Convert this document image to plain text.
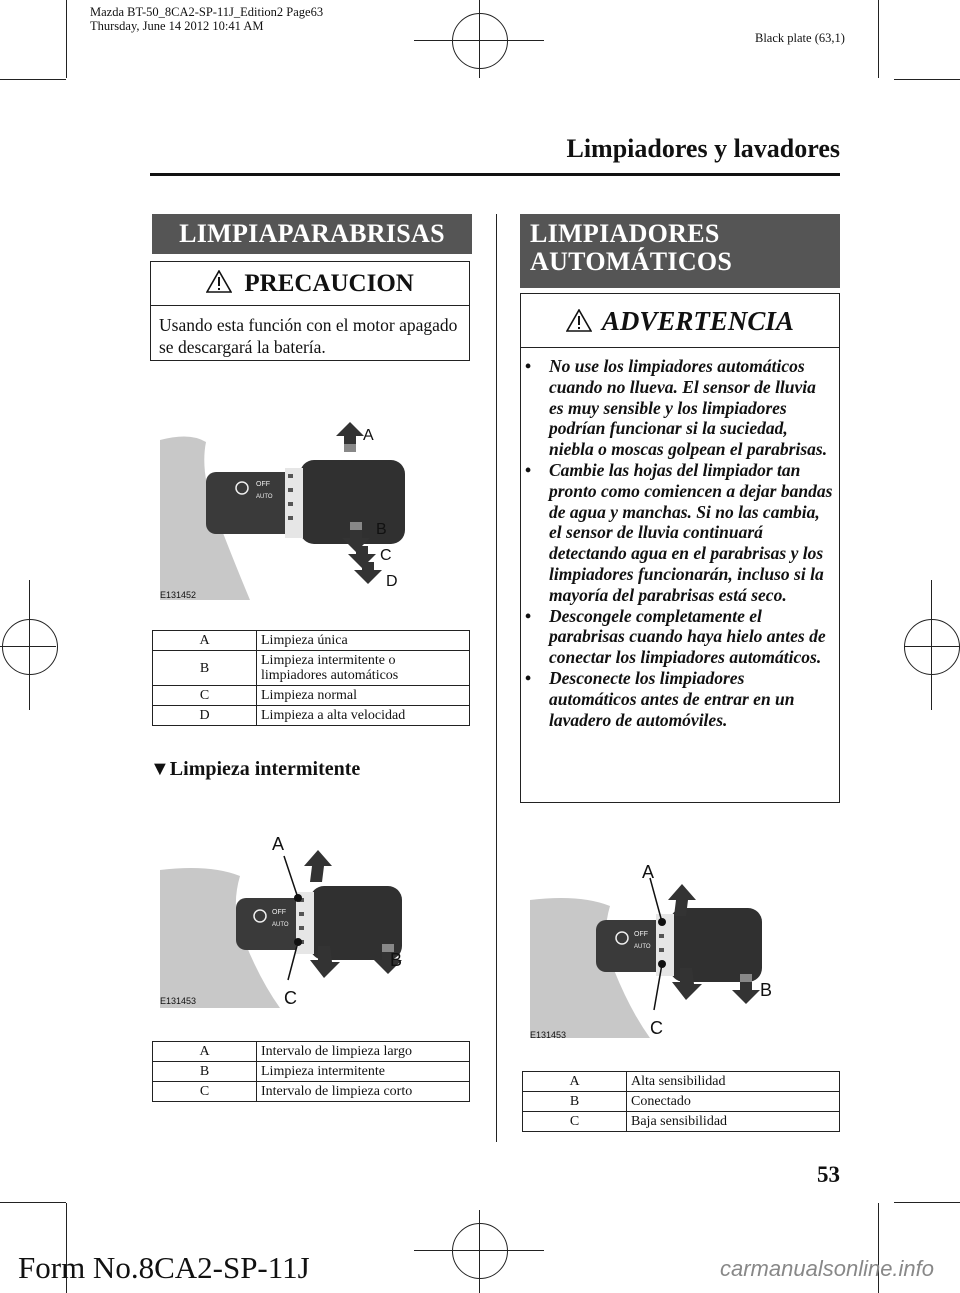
Mazda BT-50_8CA2-SP-11J_Edition2 Page63
Thursday, June 14 2012 10:41 AM
Black plate (63,1)
Limpiadores y lavadores
LIMPIAPARABRISAS
PRECAUCION
Usando esta función con el motor apagado se descargará la batería.
OFF
AUTO
A
B
C
D
E131452
A	Limpieza única
B	Limpieza intermitente o limpiadores automáticos
C	Limpieza normal
D	Limpieza a alta velocidad
▼Limpieza intermitente
OFF
AUTO
A
B
C
E131453
A	Intervalo de limpieza largo
B	Limpieza intermitente
C	Intervalo de limpieza corto
LIMPIADORES
AUTOMÁTICOS
ADVERTENCIA
• No use los limpiadores automáticos cuando no llueva. El sensor de lluvia es muy sensible y los limpiadores podrían funcionar si la suciedad, niebla o moscas golpean el parabrisas.
• Cambie las hojas del limpiador tan pronto como comiencen a dejar bandas de agua y manchas. Si no las cambia, el sensor de lluvia continuará detectando agua en el parabrisas y los limpiadores funcionarán, incluso si la mayoría del parabrisas está seco.
• Descongele completamente el parabrisas cuando haya hielo antes de conectar los limpiadores automáticos.
• Desconecte los limpiadores automáticos antes de entrar en un lavadero de automóviles.
OFF
AUTO
A
B
C
E131453
A	Alta sensibilidad
B	Conectado
C	Baja sensibilidad
53
Form No.8CA2-SP-11J	carmanualsonline.info
